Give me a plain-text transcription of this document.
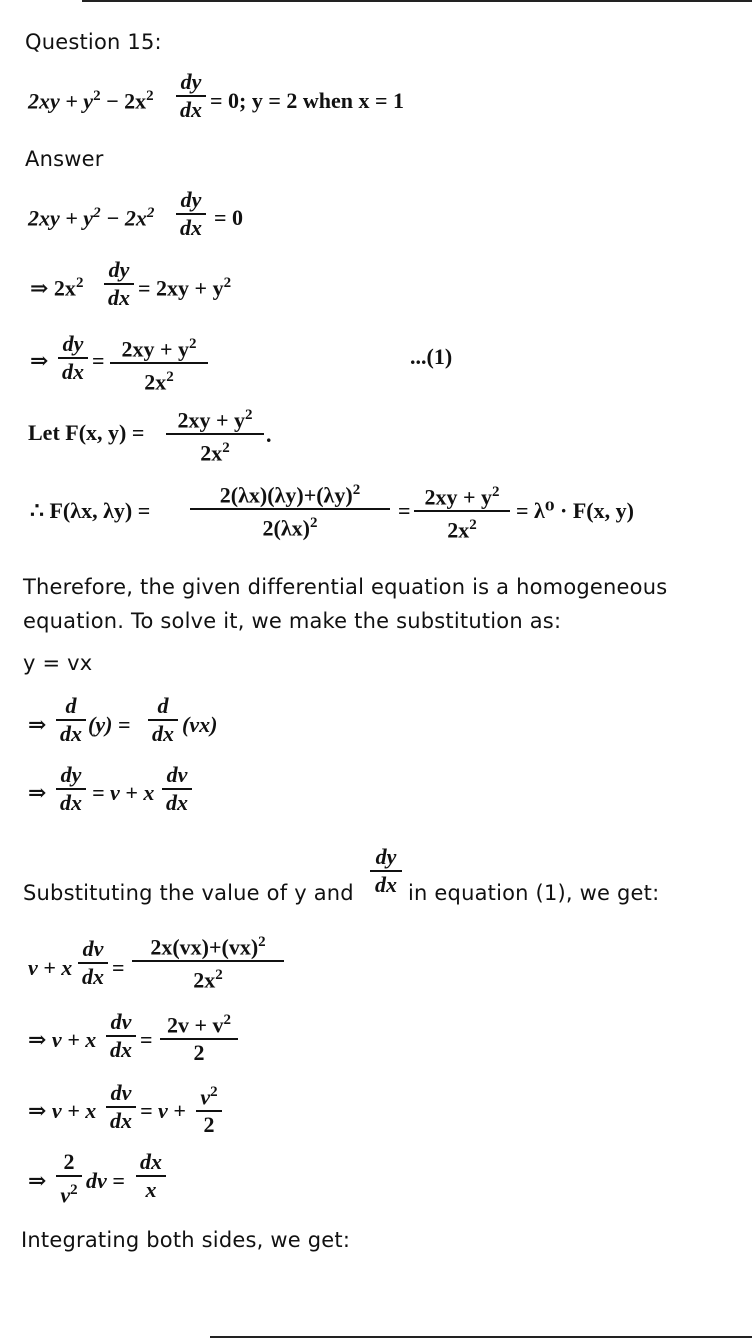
Question 15:
$2xy + y^2 - 2x^2$
dy
dx = 0; y = 2 when x = 1
Answer
$2xy + y^2 - 2x^2$
dy
dx = 0
⇒ $2x^2$
dy
dx = $2xy + y^2$
⇒
dy
dx = $2xy + y^2$
$2x^2$
...(1)
Let F(x, y) =
$2xy + y^2$
$2x^2$
.
∴ F(λx, λy) =
$2(\lambda x)(\lambda y)+(\lambda y)^2$
$2(\lambda x)^2$
=
$2xy + y^2$
$2x^2$
= λ⁰ · F(x, y)
Therefore, the given differential equation is a homogeneous
equation. To solve it, we make the substitution as:
y = vx
⇒
d
dx (y) =
d
dx (vx)
⇒
dy
dx = v + x
dv
dx
Substituting the value of y and
dy
dx in equation (1), we get:
v + x
dv
dx =
2x(vx)+(vx)$^2$
$2x^2$
⇒ v + x
dv
dx =
$2v + v^2$
2
⇒ v + x
dv
dx = v +
$v^2$
2
⇒
2
$v^2$ dv =
dx
x
Integrating both sides, we get:
